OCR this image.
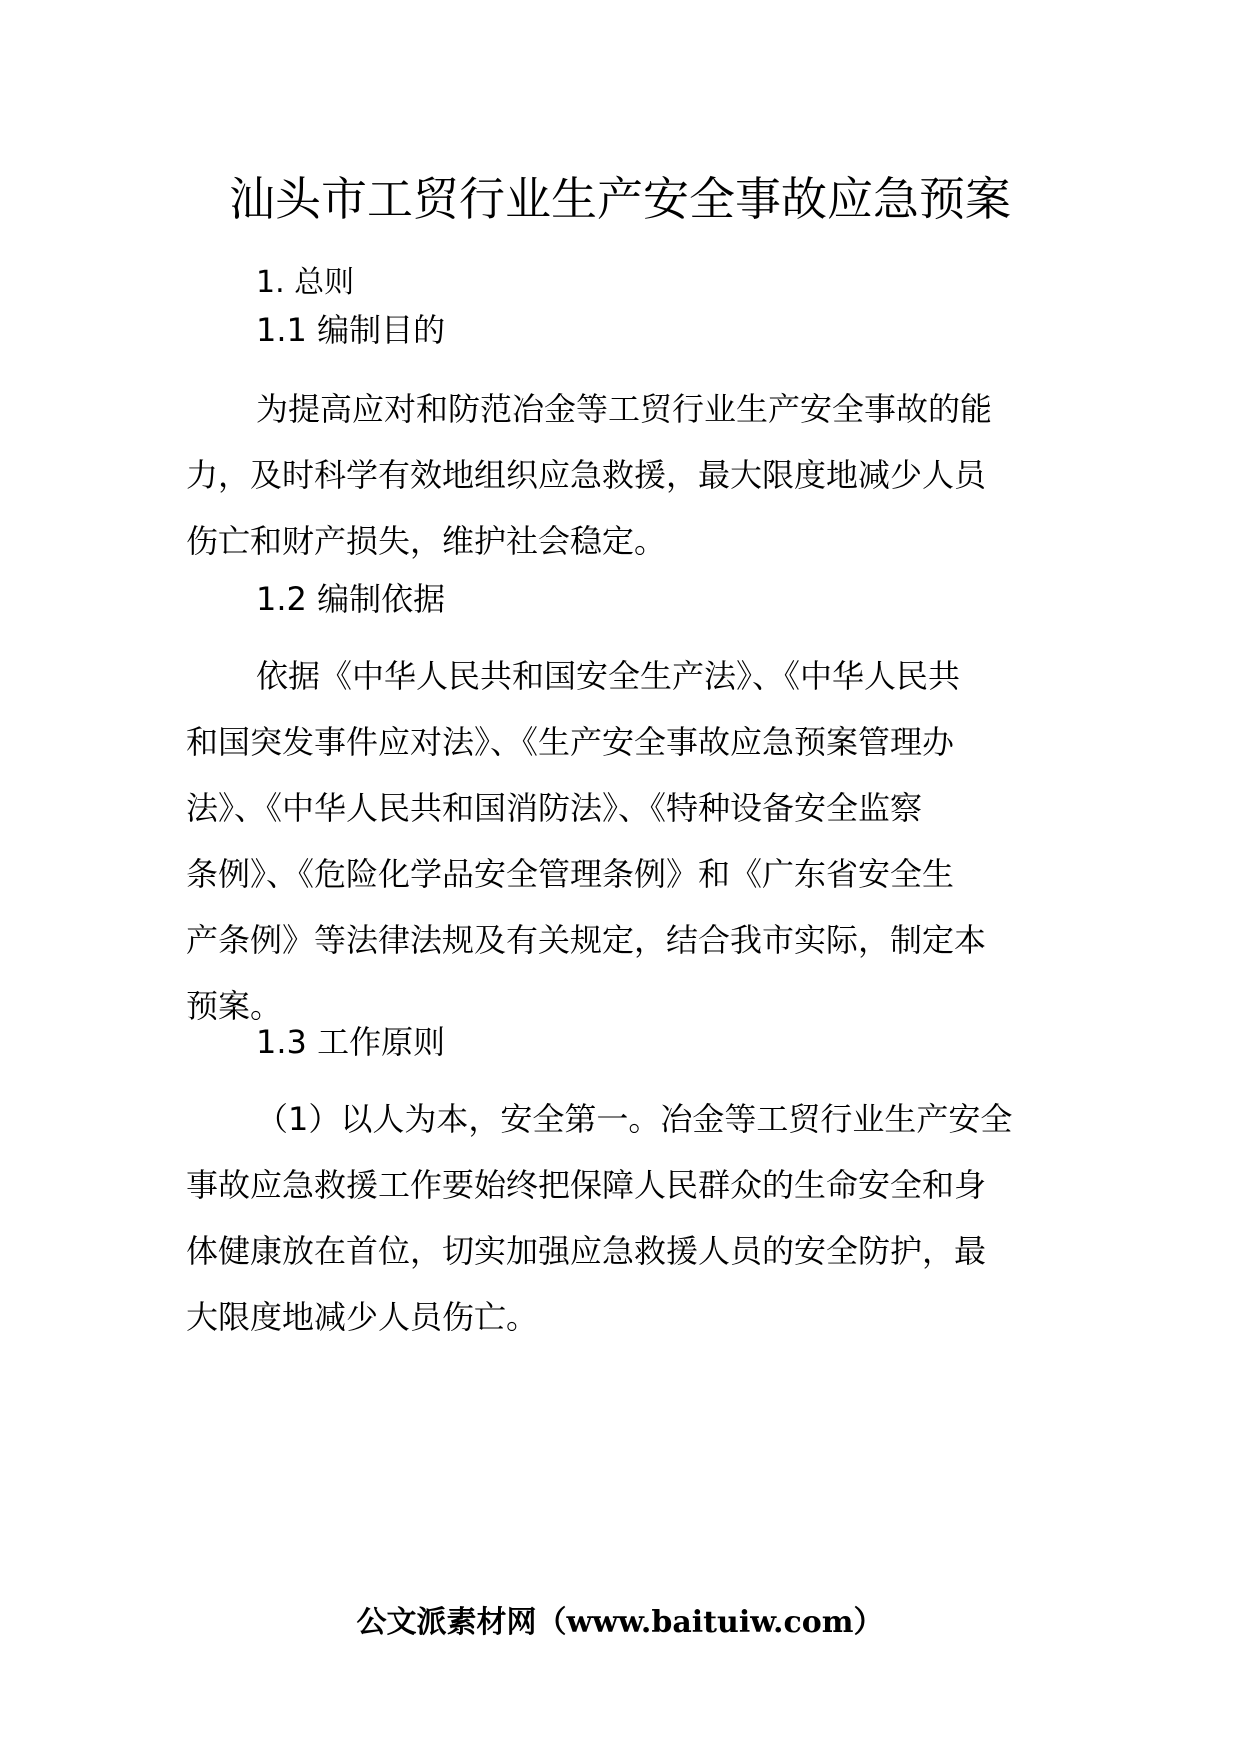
汕头市工贸行业生产安全事故应急预案
1. 总则
1.1 编制目的
为提高应对和防范冶金等工贸行业生产安全事故的能
力，及时科学有效地组织应急救援，最大限度地减少人员
伤亡和财产损失，维护社会稳定。
1.2 编制依据
依据《中华人民共和国安全生产法》、《中华人民共
和国突发事件应对法》、《生产安全事故应急预案管理办
法》、《中华人民共和国消防法》、《特种设备安全监察
条例》、《危险化学品安全管理条例》和《广东省安全生
产条例》等法律法规及有关规定，结合我市实际，制定本
预案。
1.3 工作原则
（1）以人为本，安全第一。冶金等工贸行业生产安全
事故应急救援工作要始终把保障人民群众的生命安全和身
体健康放在首位，切实加强应急救援人员的安全防护，最
大限度地减少人员伤亡。
公文派素材网（www.baituiw.com）
